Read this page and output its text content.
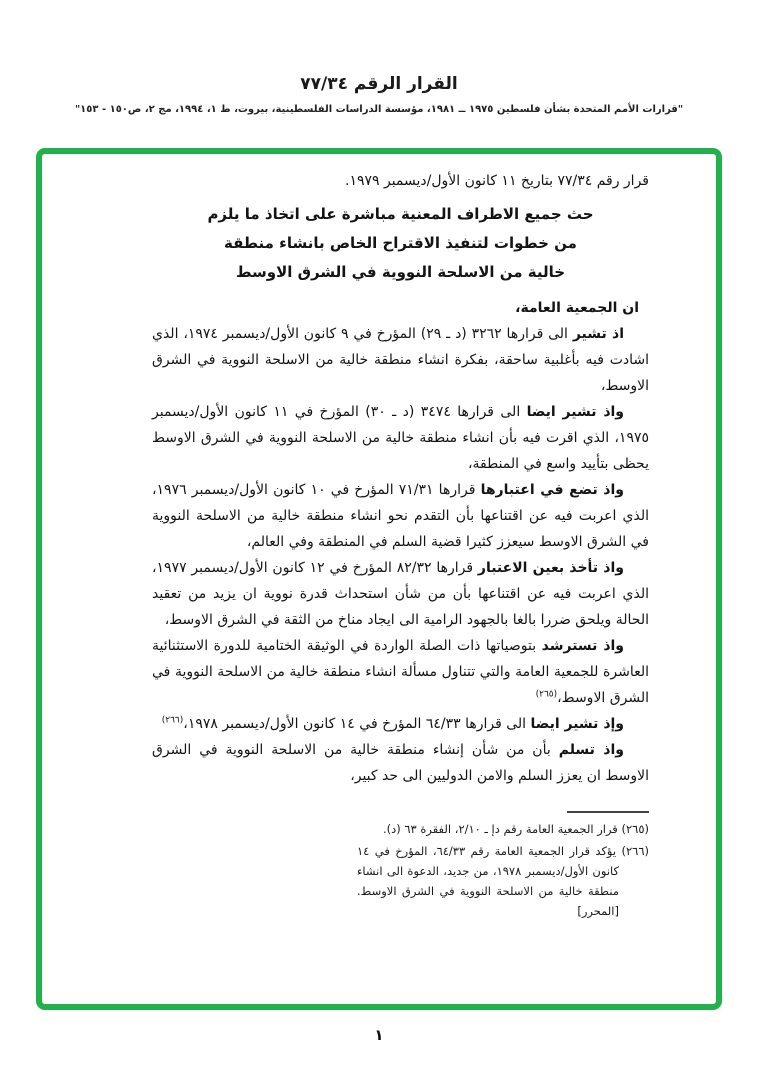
القرار الرقم ٧٧/٣٤
"قرارات الأمم المتحدة بشأن فلسطين ١٩٧٥ ــ ١٩٨١، مؤسسة الدراسات الفلسطينية، بيروت، ط ١، ١٩٩٤، مج ٢، ص١٥٠ - ١٥٣"

قرار رقم ٧٧/٣٤ بتاريخ ١١ كانون الأول/ديسمبر ١٩٧٩.

حث جميع الاطراف المعنية مباشرة على اتخاذ ما يلزم
من خطوات لتنفيذ الاقتراح الخاص بانشاء منطقة
خالية من الاسلحة النووية في الشرق الاوسط

ان الجمعية العامة،

اذ تشير الى قرارها ٣٢٦٢ (د ـ ٢٩) المؤرخ في ٩ كانون الأول/ديسمبر ١٩٧٤، الذي اشادت فيه بأغلبية ساحقة، بفكرة انشاء منطقة خالية من الاسلحة النووية في الشرق الاوسط،

واذ تشير ايضا الى قرارها ٣٤٧٤ (د ـ ٣٠) المؤرخ في ١١ كانون الأول/ديسمبر ١٩٧٥، الذي اقرت فيه بأن انشاء منطقة خالية من الاسلحة النووية في الشرق الاوسط يحظى بتأييد واسع في المنطقة،

واذ تضع في اعتبارها قرارها ٧١/٣١ المؤرخ في ١٠ كانون الأول/ديسمبر ١٩٧٦، الذي اعربت فيه عن اقتناعها بأن التقدم نحو انشاء منطقة خالية من الاسلحة النووية في الشرق الاوسط سيعزز كثيرا قضية السلم في المنطقة وفي العالم،

واذ تأخذ بعين الاعتبار قرارها ٨٢/٣٢ المؤرخ في ١٢ كانون الأول/ديسمبر ١٩٧٧، الذي اعربت فيه عن اقتناعها بأن من شأن استحداث قدرة نووية ان يزيد من تعقيد الحالة ويلحق ضررا بالغا بالجهود الرامية الى ايجاد مناخ من الثقة في الشرق الاوسط،

واذ تسترشد بتوصياتها ذات الصلة الواردة في الوثيقة الختامية للدورة الاستثنائية العاشرة للجمعية العامة والتي تتناول مسألة انشاء منطقة خالية من الاسلحة النووية في الشرق الاوسط،$^{(٢٦٥)}$

وإذ تشير ايضا الى قرارها ٦٤/٣٣ المؤرخ في ١٤ كانون الأول/ديسمبر ١٩٧٨،$^{(٢٦٦)}$

واذ تسلم بأن من شأن إنشاء منطقة خالية من الاسلحة النووية في الشرق الاوسط ان يعزز السلم والامن الدوليين الى حد كبير،

(٢٦٥) قرار الجمعية العامة رقم دإ ـ ٢/١٠، الفقرة ٦٣ (د).

(٢٦٦) يؤكد قرار الجمعية العامة رقم ٦٤/٣٣، المؤرخ في ١٤ كانون الأول/ديسمبر ١٩٧٨، من جديد، الدعوة الى انشاء منطقة خالية من الاسلحة النووية في الشرق الاوسط. [المحرر]

١
